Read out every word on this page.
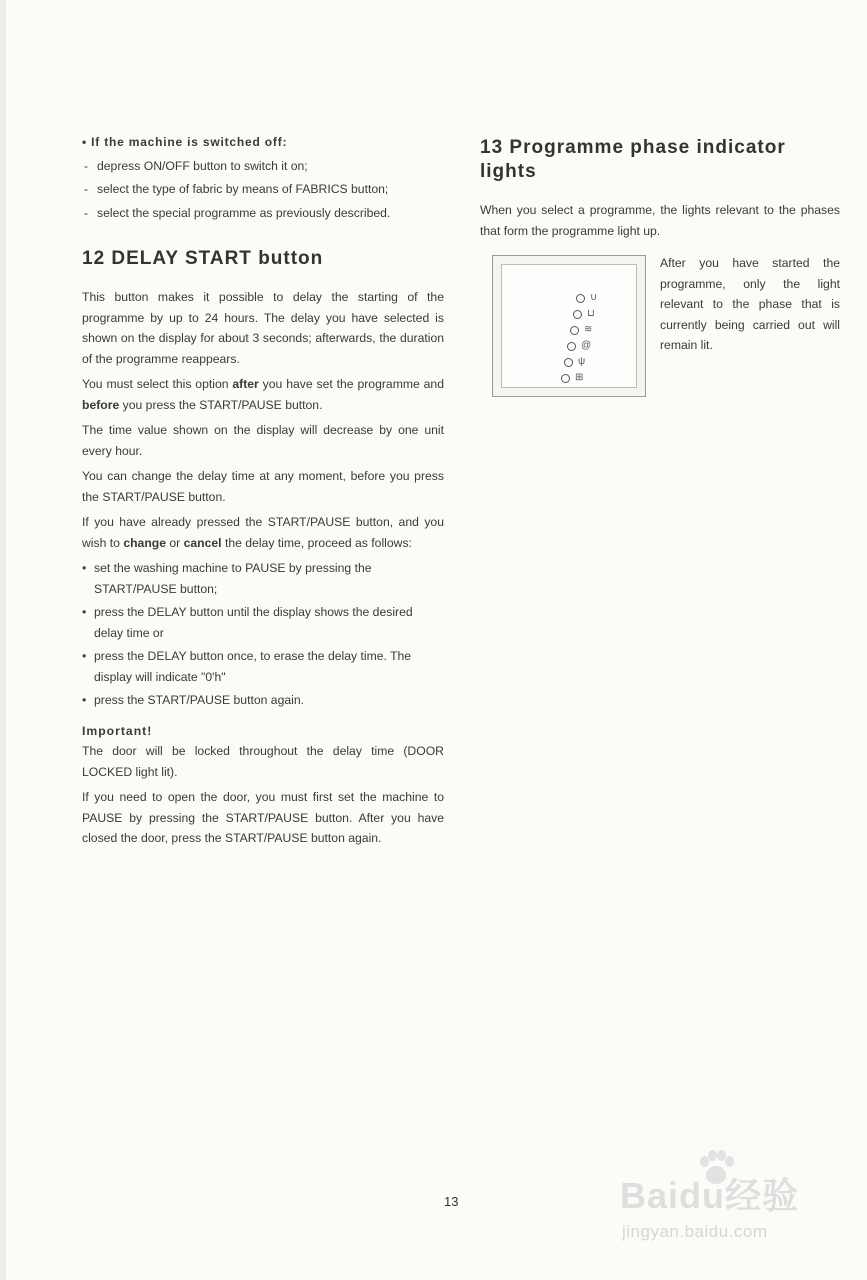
• If the machine is switched off:
- depress ON/OFF button to switch it on;
- select the type of fabric by means of FABRICS button;
- select the special programme as previously described.
12 DELAY START button

This button makes it possible to delay the starting of the programme by up to 24 hours. The delay you have selected is shown on the display for about 3 seconds; afterwards, the duration of the programme reappears.

You must select this option after you have set the programme and before you press the START/PAUSE button.

The time value shown on the display will decrease by one unit every hour.

You can change the delay time at any moment, before you press the START/PAUSE button.

If you have already pressed the START/PAUSE button, and you wish to change or cancel the delay time, proceed as follows:

• set the washing machine to PAUSE by pressing the START/PAUSE button;
• press the DELAY button until the display shows the desired delay time or
• press the DELAY button once, to erase the delay time. The display will indicate "0'h"
• press the START/PAUSE button again.
Important!

The door will be locked throughout the delay time (DOOR LOCKED light lit).

If you need to open the door, you must first set the machine to PAUSE by pressing the START/PAUSE button. After you have closed the door, press the START/PAUSE button again.

13 Programme phase indicator lights

When you select a programme, the lights relevant to the phases that form the programme light up.

∪
⊔
≋
@
ψ
⊞
After you have started the programme, only the light relevant to the phase that is currently being carried out will remain lit.
13	Baidu经验
jingyan.baidu.com
